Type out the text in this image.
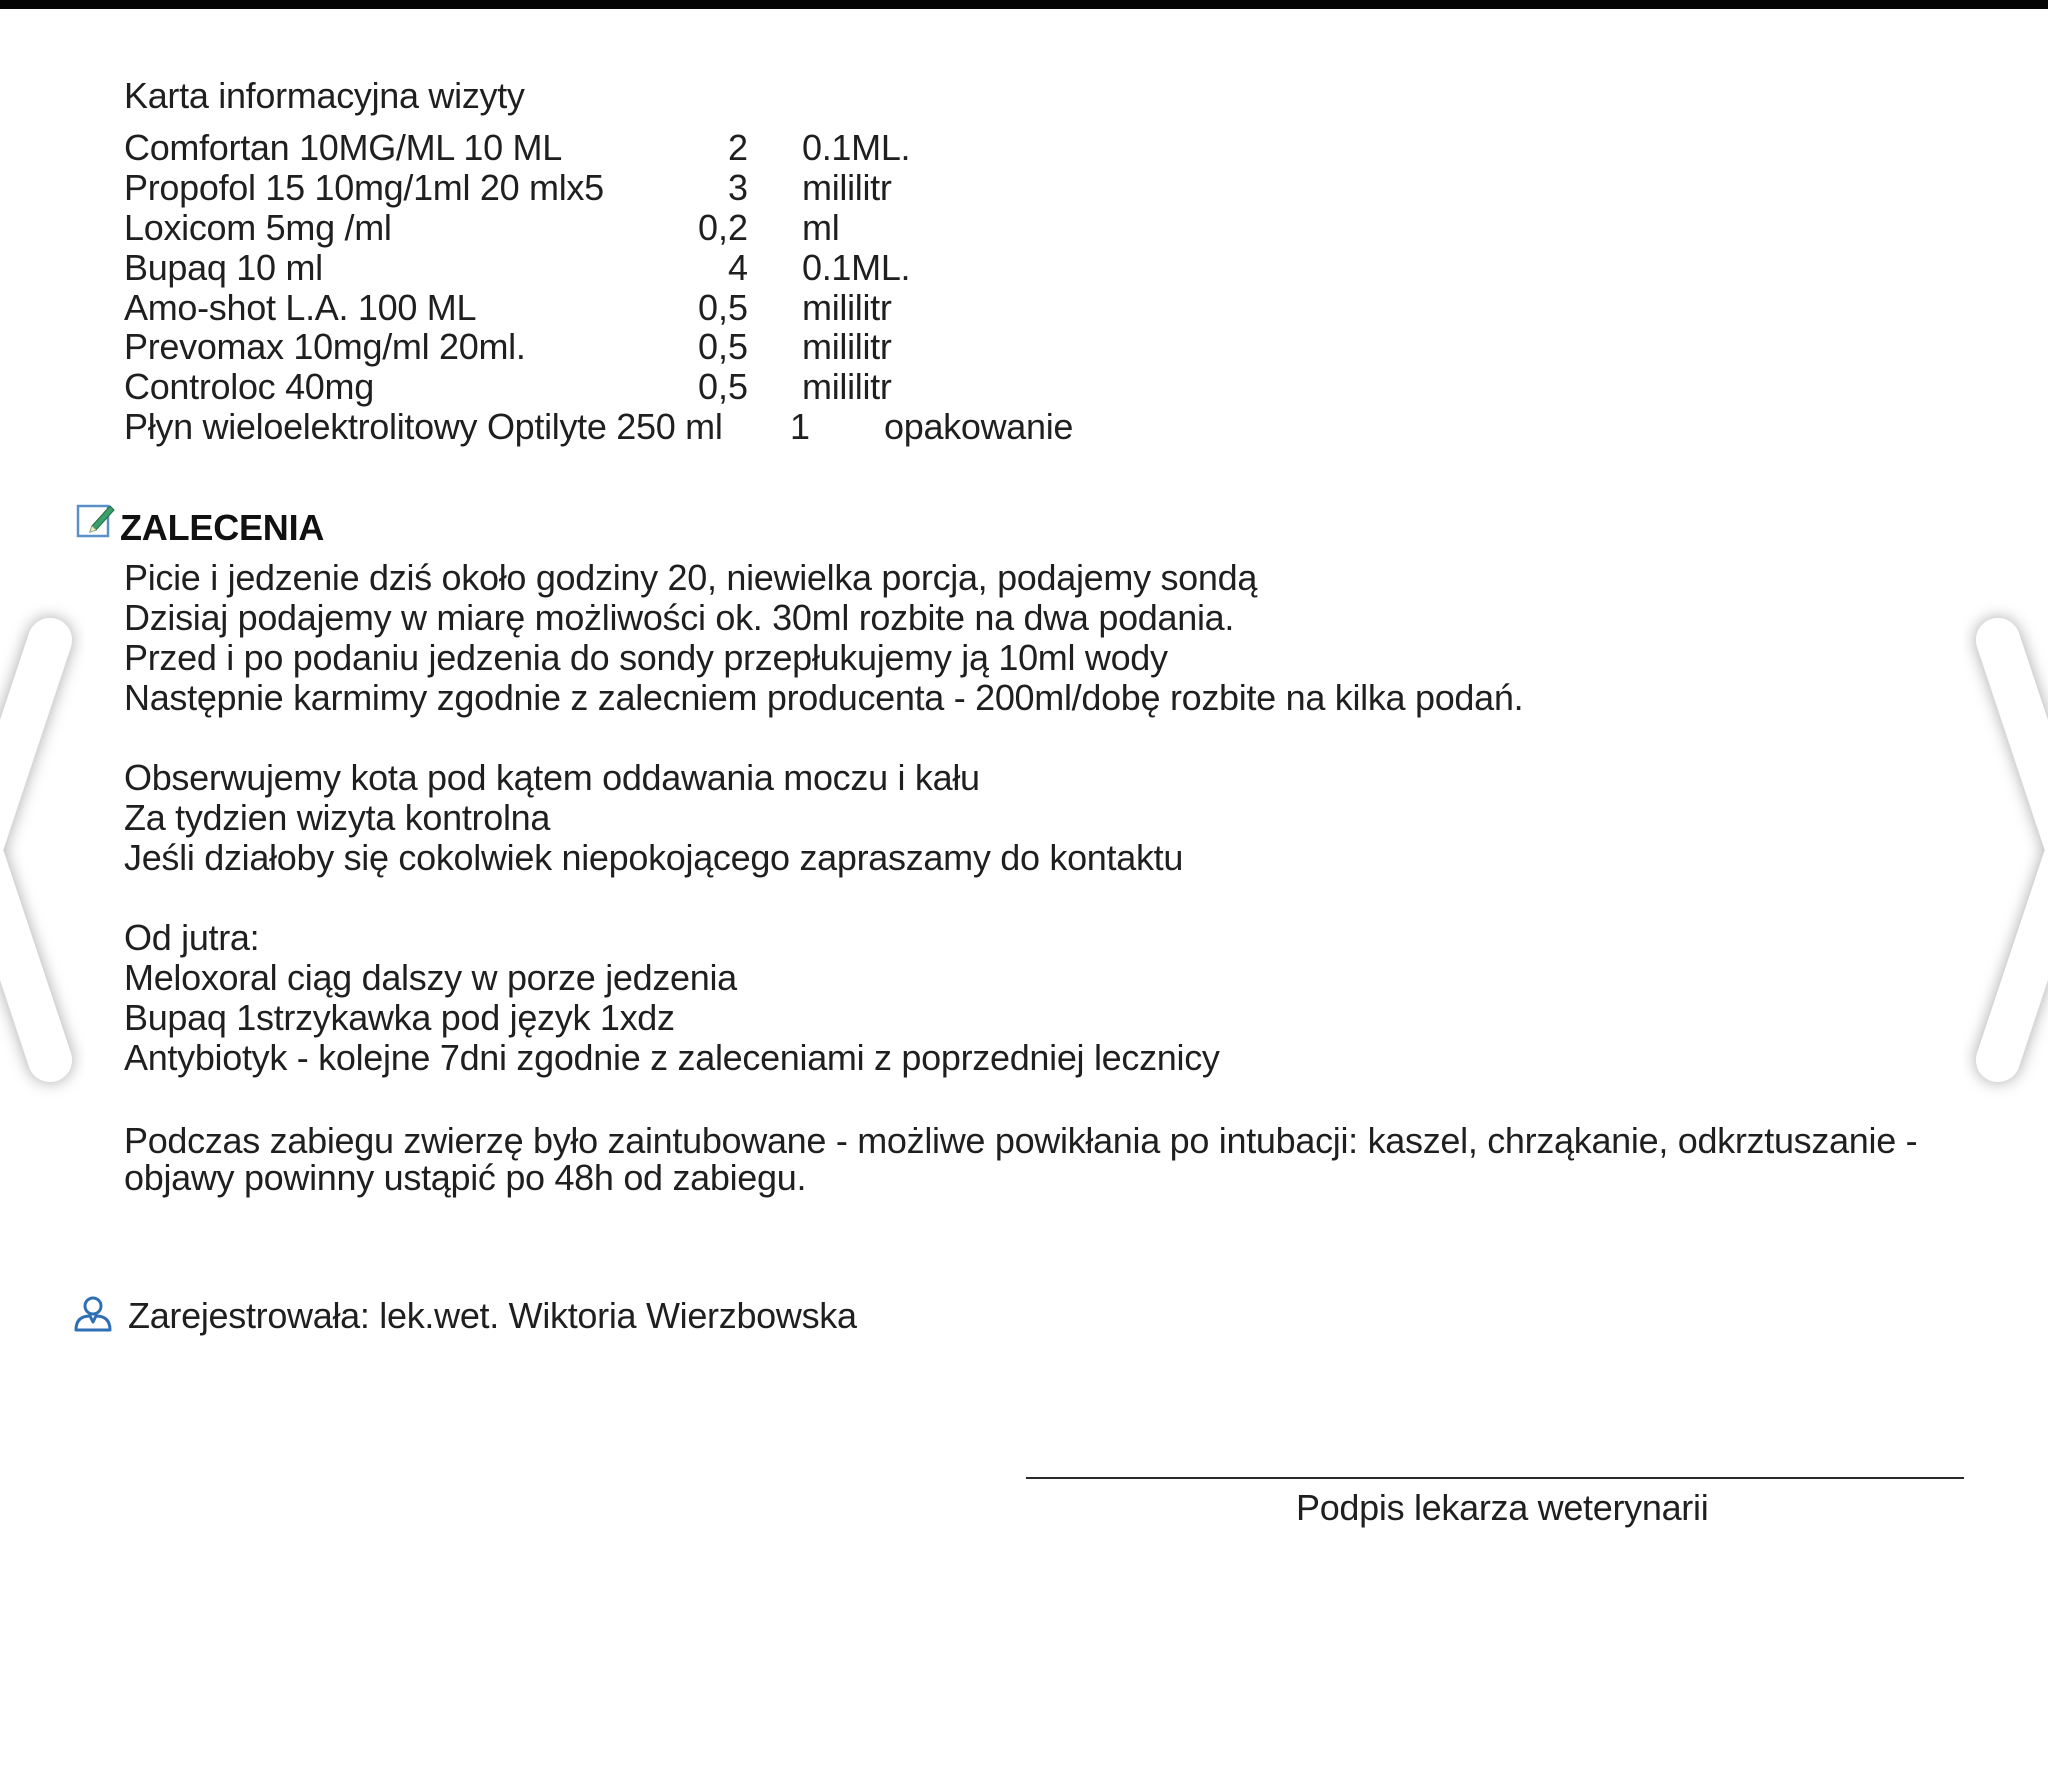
Karta informacyjna wizyty
Comfortan 10MG/ML 10 ML	2 0.1ML.
Propofol 15 10mg/1ml 20 mlx5	3 mililitr
Loxicom 5mg /ml	0,2 ml
Bupaq 10 ml	4 0.1ML.
Amo-shot L.A. 100 ML	0,5 mililitr
Prevomax 10mg/ml 20ml.	0,5 mililitr
Controloc 40mg	0,5 mililitr
Płyn wieloelektrolitowy Optilyte 250 ml 1	opakowanie
ZALECENIA
Picie i jedzenie dziś około godziny 20, niewielka porcja, podajemy sondą
Dzisiaj podajemy w miarę możliwości ok. 30ml rozbite na dwa podania.
Przed i po podaniu jedzenia do sondy przepłukujemy ją 10ml wody
Następnie karmimy zgodnie z zalecniem producenta - 200ml/dobę rozbite na kilka podań.
Obserwujemy kota pod kątem oddawania moczu i kału
Za tydzien wizyta kontrolna
Jeśli działoby się cokolwiek niepokojącego zapraszamy do kontaktu
Od jutra:
Meloxoral ciąg dalszy w porze jedzenia
Bupaq 1strzykawka pod język 1xdz
Antybiotyk - kolejne 7dni zgodnie z zaleceniami z poprzedniej lecznicy
Podczas zabiegu zwierzę było zaintubowane - możliwe powikłania po intubacji: kaszel, chrząkanie, odkrztuszanie -
objawy powinny ustąpić po 48h od zabiegu.
Zarejestrowała: lek.wet. Wiktoria Wierzbowska
Podpis lekarza weterynarii
